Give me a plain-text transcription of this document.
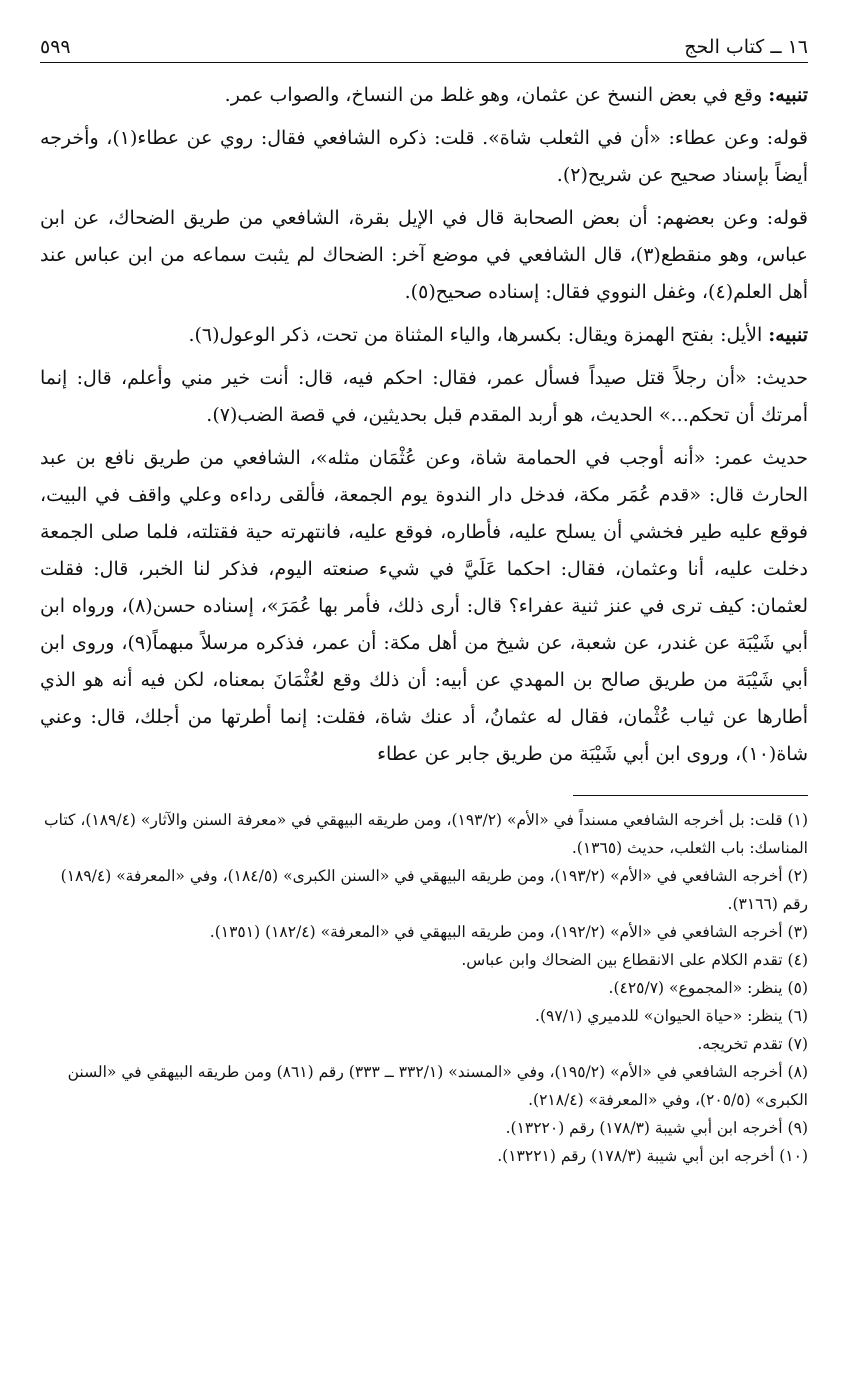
١٦ ــ كتاب الحج
٥٩٩

تنبيه: وقع في بعض النسخ عن عثمان، وهو غلط من النساخ، والصواب عمر.

قوله: وعن عطاء: «أن في الثعلب شاة». قلت: ذكره الشافعي فقال: روي عن عطاء(١)، وأخرجه أيضاً بإسناد صحيح عن شريح(٢).

قوله: وعن بعضهم: أن بعض الصحابة قال في الإيل بقرة، الشافعي من طريق الضحاك، عن ابن عباس، وهو منقطع(٣)، قال الشافعي في موضع آخر: الضحاك لم يثبت سماعه من ابن عباس عند أهل العلم(٤)، وغفل النووي فقال: إسناده صحيح(٥).

تنبيه: الأيل: بفتح الهمزة ويقال: بكسرها، والياء المثناة من تحت، ذكر الوعول(٦).

حديث: «أن رجلاً قتل صيداً فسأل عمر، فقال: احكم فيه، قال: أنت خير مني وأعلم، قال: إنما أمرتك أن تحكم...» الحديث، هو أربد المقدم قبل بحديثين، في قصة الضب(٧).

حديث عمر: «أنه أوجب في الحمامة شاة، وعن عُثْمَان مثله»، الشافعي من طريق نافع بن عبد الحارث قال: «قدم عُمَر مكة، فدخل دار الندوة يوم الجمعة، فألقى رداءه وعلي واقف في البيت، فوقع عليه طير فخشي أن يسلح عليه، فأطاره، فوقع عليه، فانتهرته حية فقتلته، فلما صلى الجمعة دخلت عليه، أنا وعثمان، فقال: احكما عَلَيَّ في شيء صنعته اليوم، فذكر لنا الخبر، قال: فقلت لعثمان: كيف ترى في عنز ثنية عفراء؟ قال: أرى ذلك، فأمر بها عُمَرَ»، إسناده حسن(٨)، ورواه ابن أبي شَيْبَة عن غندر، عن شعبة، عن شيخ من أهل مكة: أن عمر، فذكره مرسلاً مبهماً(٩)، وروى ابن أبي شَيْبَة من طريق صالح بن المهدي عن أبيه: أن ذلك وقع لعُثْمَانَ بمعناه، لكن فيه أنه هو الذي أطارها عن ثياب عُثْمان، فقال له عثمانُ، أد عنك شاة، فقلت: إنما أطرتها من أجلك، قال: وعني شاة(١٠)، وروى ابن أبي شَيْبَة من طريق جابر عن عطاء

(١) قلت: بل أخرجه الشافعي مسنداً في «الأم» (١٩٣/٢)، ومن طريقه البيهقي في «معرفة السنن والآثار» (١٨٩/٤)، كتاب المناسك: باب الثعلب، حديث (١٣٦٥).

(٢) أخرجه الشافعي في «الأم» (١٩٣/٢)، ومن طريقه البيهقي في «السنن الكبرى» (١٨٤/٥)، وفي «المعرفة» (١٨٩/٤) رقم (٣١٦٦).

(٣) أخرجه الشافعي في «الأم» (١٩٢/٢)، ومن طريقه البيهقي في «المعرفة» (١٨٢/٤) (١٣٥١).

(٤) تقدم الكلام على الانقطاع بين الضحاك وابن عباس.

(٥) ينظر: «المجموع» (٤٢٥/٧).

(٦) ينظر: «حياة الحيوان» للدميري (٩٧/١).

(٧) تقدم تخريجه.

(٨) أخرجه الشافعي في «الأم» (١٩٥/٢)، وفي «المسند» (٣٣٢/١ ــ ٣٣٣) رقم (٨٦١) ومن طريقه البيهقي في «السنن الكبرى» (٢٠٥/٥)، وفي «المعرفة» (٢١٨/٤).

(٩) أخرجه ابن أبي شيبة (١٧٨/٣) رقم (١٣٢٢٠).

(١٠) أخرجه ابن أبي شيبة (١٧٨/٣) رقم (١٣٢٢١).
